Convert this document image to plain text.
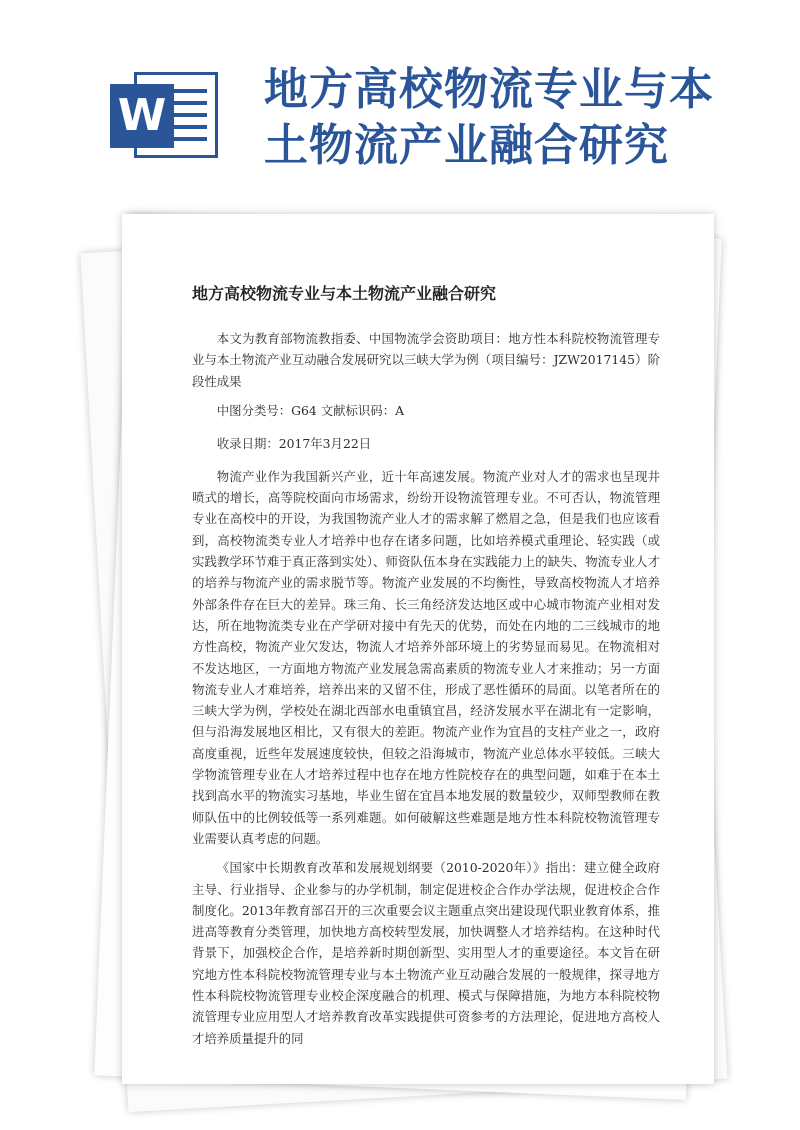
W
地方高校物流专业与本
土物流产业融合研究
地方高校物流专业与本土物流产业融合研究

本文为教育部物流教指委、中国物流学会资助项目：地方性本科院校物流管理专业与本土物流产业互动融合发展研究以三峡大学为例（项目编号：JZW2017145）阶段性成果

中图分类号：G64 文献标识码：A

收录日期：2017年3月22日

物流产业作为我国新兴产业，近十年高速发展。物流产业对人才的需求也呈现井喷式的增长，高等院校面向市场需求，纷纷开设物流管理专业。不可否认，物流管理专业在高校中的开设，为我国物流产业人才的需求解了燃眉之急，但是我们也应该看到，高校物流类专业人才培养中也存在诸多问题，比如培养模式重理论、轻实践（或实践教学环节难于真正落到实处）、师资队伍本身在实践能力上的缺失、物流专业人才的培养与物流产业的需求脱节等。物流产业发展的不均衡性，导致高校物流人才培养外部条件存在巨大的差异。珠三角、长三角经济发达地区或中心城市物流产业相对发达，所在地物流类专业在产学研对接中有先天的优势，而处在内地的二三线城市的地方性高校，物流产业欠发达，物流人才培养外部环境上的劣势显而易见。在物流相对不发达地区，一方面地方物流产业发展急需高素质的物流专业人才来推动；另一方面物流专业人才难培养，培养出来的又留不住，形成了恶性循环的局面。以笔者所在的三峡大学为例，学校处在湖北西部水电重镇宜昌，经济发展水平在湖北有一定影响，但与沿海发展地区相比，又有很大的差距。物流产业作为宜昌的支柱产业之一，政府高度重视，近些年发展速度较快，但较之沿海城市，物流产业总体水平较低。三峡大学物流管理专业在人才培养过程中也存在地方性院校存在的典型问题，如难于在本土找到高水平的物流实习基地，毕业生留在宜昌本地发展的数量较少，双师型教师在教师队伍中的比例较低等一系列难题。如何破解这些难题是地方性本科院校物流管理专业需要认真考虑的问题。

《国家中长期教育改革和发展规划纲要（2010-2020年）》指出：建立健全政府主导、行业指导、企业参与的办学机制，制定促进校企合作办学法规，促进校企合作制度化。2013年教育部召开的三次重要会议主题重点突出建设现代职业教育体系，推进高等教育分类管理，加快地方高校转型发展，加快调整人才培养结构。在这种时代背景下，加强校企合作，是培养新时期创新型、实用型人才的重要途径。本文旨在研究地方性本科院校物流管理专业与本土物流产业互动融合发展的一般规律，探寻地方性本科院校物流管理专业校企深度融合的机理、模式与保障措施，为地方本科院校物流管理专业应用型人才培养教育改革实践提供可资参考的方法理论，促进地方高校人才培养质量提升的同
